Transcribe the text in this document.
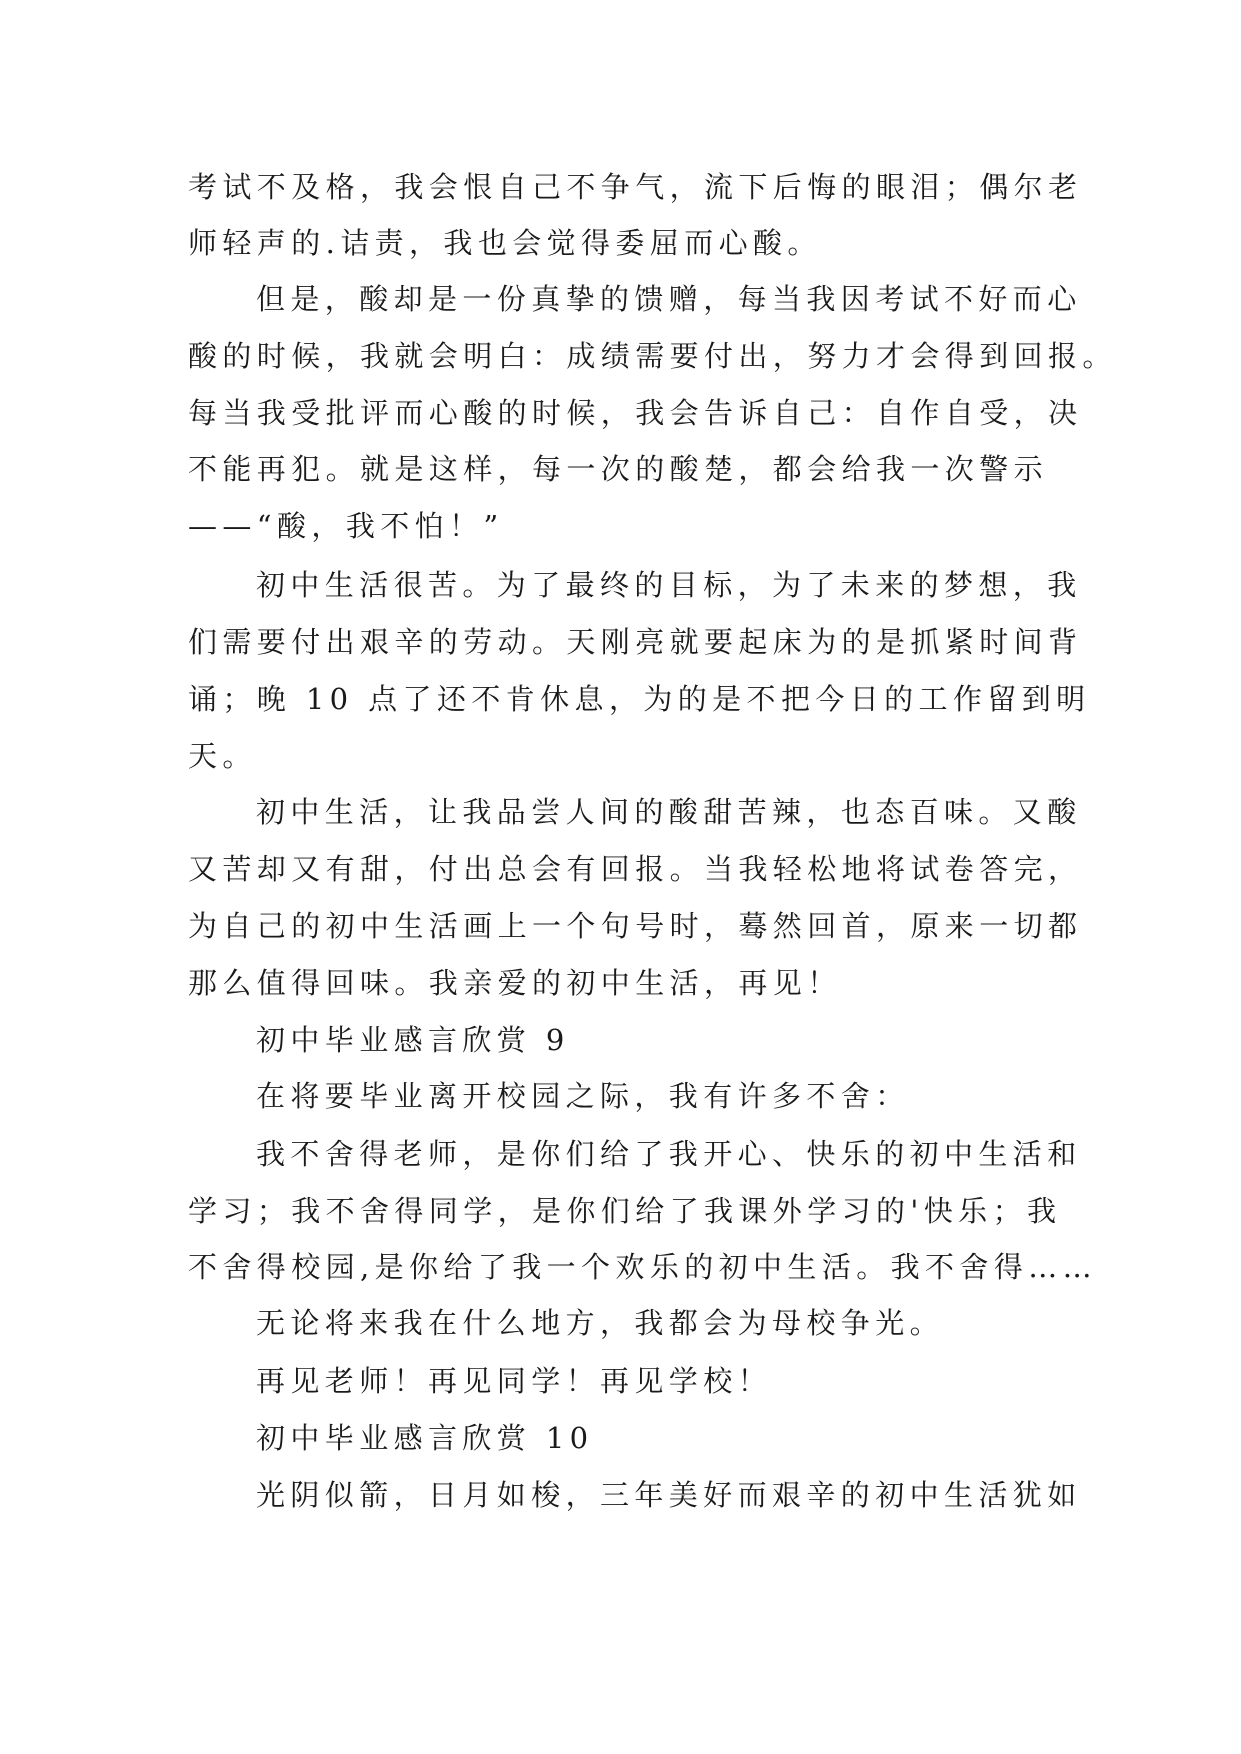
考试不及格，我会恨自己不争气，流下后悔的眼泪；偶尔老
师轻声的.诘责，我也会觉得委屈而心酸。
但是，酸却是一份真挚的馈赠，每当我因考试不好而心
酸的时候，我就会明白：成绩需要付出，努力才会得到回报。
每当我受批评而心酸的时候，我会告诉自己：自作自受，决
不能再犯。就是这样，每一次的酸楚，都会给我一次警示
——“酸，我不怕！”
初中生活很苦。为了最终的目标，为了未来的梦想，我
们需要付出艰辛的劳动。天刚亮就要起床为的是抓紧时间背
诵；晚 10 点了还不肯休息，为的是不把今日的工作留到明
天。
初中生活，让我品尝人间的酸甜苦辣，也态百味。又酸
又苦却又有甜，付出总会有回报。当我轻松地将试卷答完，
为自己的初中生活画上一个句号时，蓦然回首，原来一切都
那么值得回味。我亲爱的初中生活，再见！
初中毕业感言欣赏 9
在将要毕业离开校园之际，我有许多不舍：
我不舍得老师，是你们给了我开心、快乐的初中生活和
学习；我不舍得同学，是你们给了我课外学习的'快乐；我
不舍得校园,是你给了我一个欢乐的初中生活。我不舍得……
无论将来我在什么地方，我都会为母校争光。
再见老师！再见同学！再见学校！
初中毕业感言欣赏 10
光阴似箭，日月如梭，三年美好而艰辛的初中生活犹如
